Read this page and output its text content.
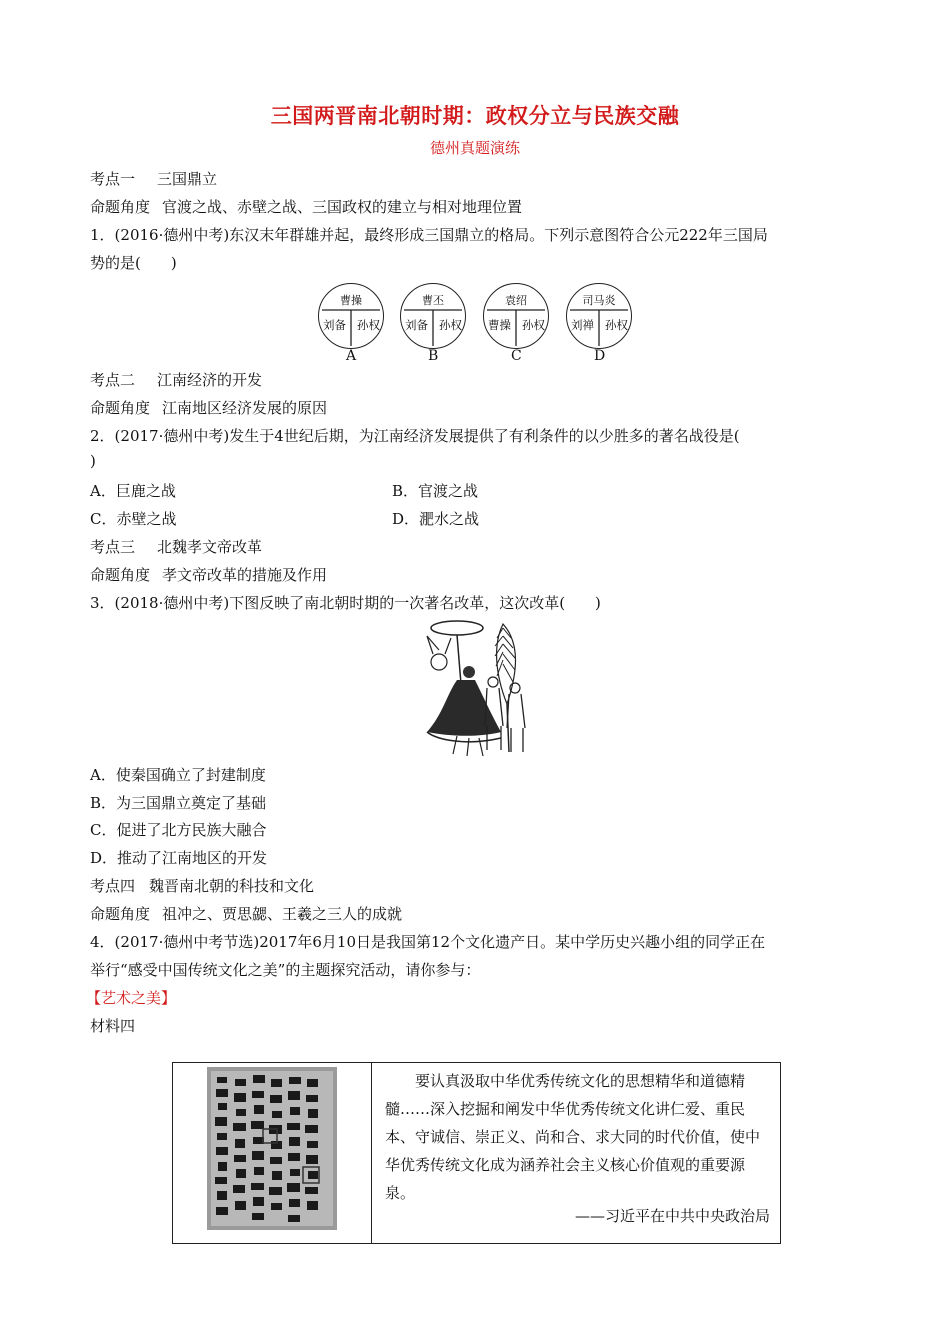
三国两晋南北朝时期：政权分立与民族交融
德州真题演练
考点一 三国鼎立
命题角度 官渡之战、赤壁之战、三国政权的建立与相对地理位置
1．(2016·德州中考)东汉末年群雄并起，最终形成三国鼎立的格局。下列示意图符合公元222年三国局
势的是(　　)
曹操
刘备 孙权
A
曹丕
刘备 孙权
B
袁绍
曹操 孙权
C
司马炎
刘禅 孙权
D
考点二 江南经济的开发
命题角度 江南地区经济发展的原因
2．(2017·德州中考)发生于4世纪后期，为江南经济发展提供了有利条件的以少胜多的著名战役是(
)
A．巨鹿之战	B．官渡之战
C．赤壁之战	D．淝水之战
考点三 北魏孝文帝改革
命题角度 孝文帝改革的措施及作用
3．(2018·德州中考)下图反映了南北朝时期的一次著名改革，这次改革(　　)
A．使秦国确立了封建制度
B．为三国鼎立奠定了基础
C．促进了北方民族大融合
D．推动了江南地区的开发
考点四 魏晋南北朝的科技和文化
命题角度 祖冲之、贾思勰、王羲之三人的成就
4．(2017·德州中考节选)2017年6月10日是我国第12个文化遗产日。某中学历史兴趣小组的同学正在
举行“感受中国传统文化之美”的主题探究活动，请你参与：
【艺术之美】
材料四
　　要认真汲取中华优秀传统文化的思想精华和道德精髓……深入挖掘和阐发中华优秀传统文化讲仁爱、重民本、守诚信、崇正义、尚和合、求大同的时代价值，使中华优秀传统文化成为涵养社会主义核心价值观的重要源泉。
——习近平在中共中央政治局
